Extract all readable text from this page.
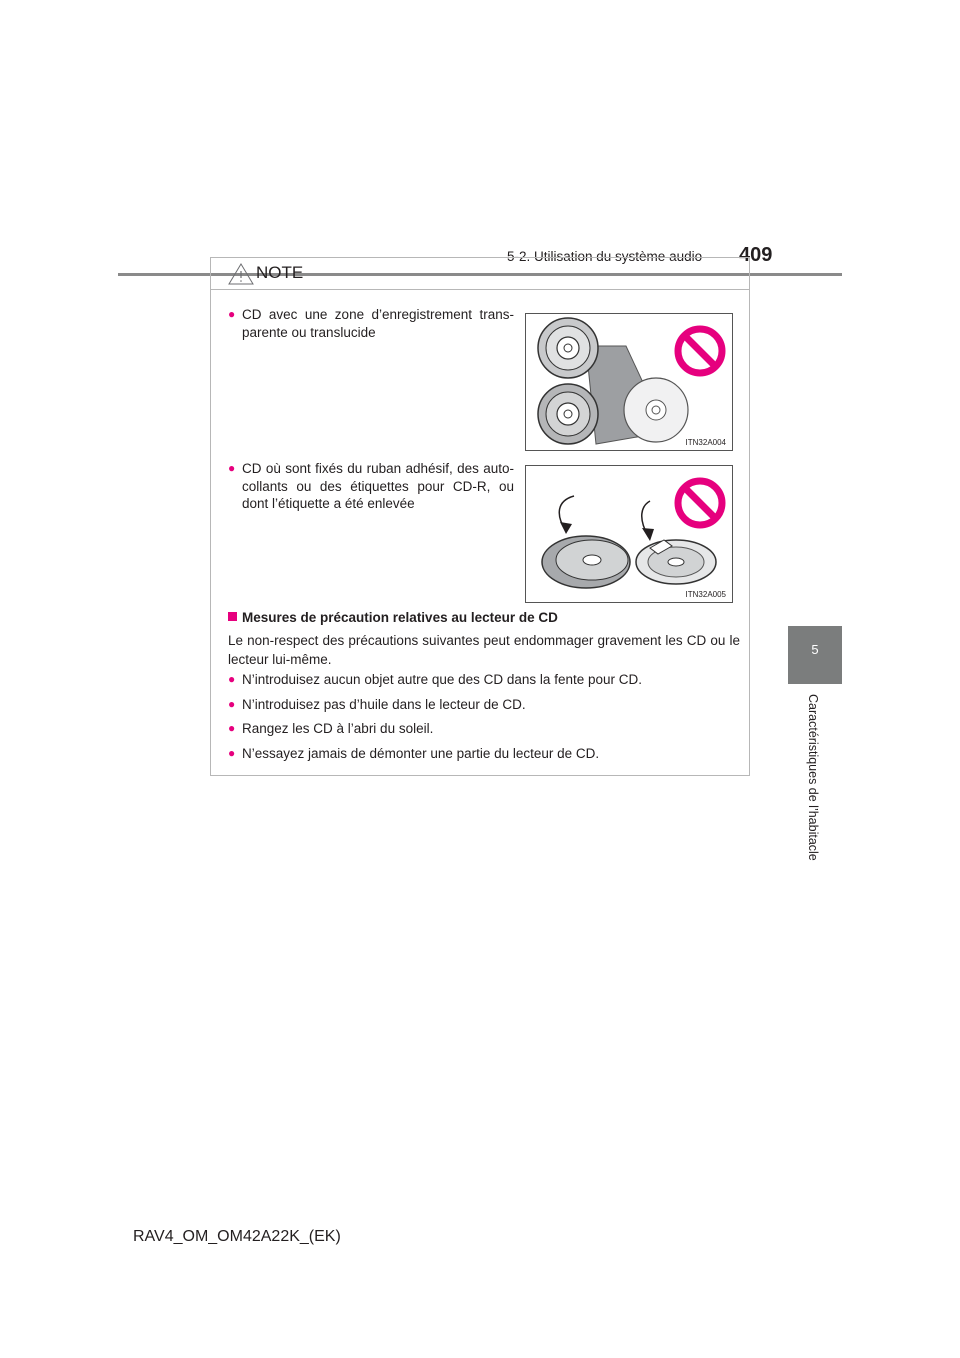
5-2. Utilisation du système audio 409
5
Caractéristiques de l’habitacle
NOTE
● CD avec une zone d’enregistrement trans- parente ou translucide
ITN32A004
● CD où sont fixés du ruban adhésif, des auto- collants ou des étiquettes pour CD-R, ou dont l’étiquette a été enlevée
ITN32A005
Mesures de précaution relatives au lecteur de CD
Le non-respect des précautions suivantes peut endommager gravement les CD ou le lecteur lui-même.
● N’introduisez aucun objet autre que des CD dans la fente pour CD.
● N’introduisez pas d’huile dans le lecteur de CD.
● Rangez les CD à l’abri du soleil.
● N’essayez jamais de démonter une partie du lecteur de CD.
RAV4_OM_OM42A22K_(EK)
